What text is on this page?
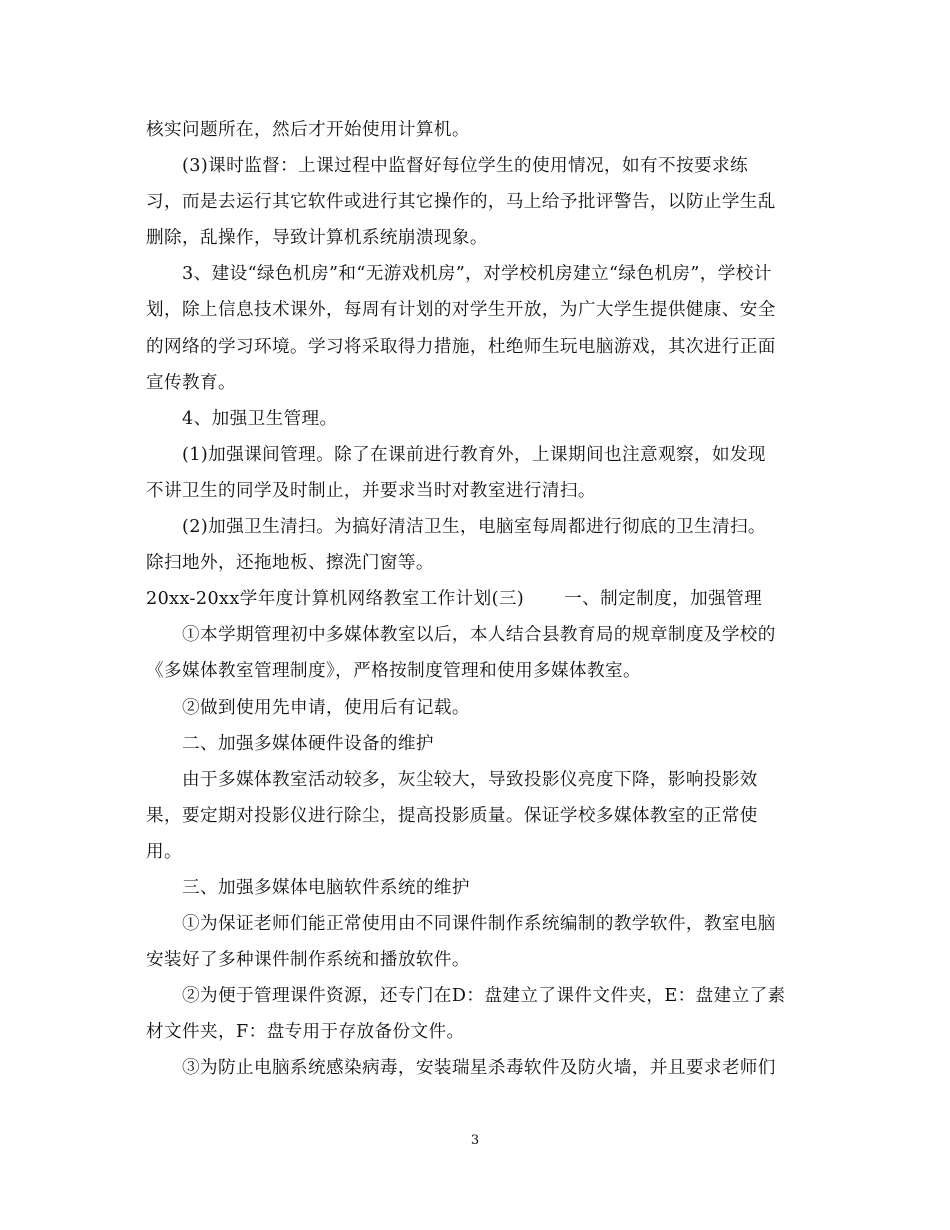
核实问题所在，然后才开始使用计算机。
(3)课时监督：上课过程中监督好每位学生的使用情况，如有不按要求练
习，而是去运行其它软件或进行其它操作的，马上给予批评警告，以防止学生乱
删除，乱操作，导致计算机系统崩溃现象。
3、建设“绿色机房”和“无游戏机房”，对学校机房建立“绿色机房”，学校计
划，除上信息技术课外，每周有计划的对学生开放，为广大学生提供健康、安全
的网络的学习环境。学习将采取得力措施，杜绝师生玩电脑游戏，其次进行正面
宣传教育。
4、加强卫生管理。
(1)加强课间管理。除了在课前进行教育外，上课期间也注意观察，如发现
不讲卫生的同学及时制止，并要求当时对教室进行清扫。
(2)加强卫生清扫。为搞好清洁卫生，电脑室每周都进行彻底的卫生清扫。
除扫地外，还拖地板、擦洗门窗等。
20xx-20xx学年度计算机网络教室工作计划(三) 一、制定制度，加强管理
①本学期管理初中多媒体教室以后，本人结合县教育局的规章制度及学校的
《多媒体教室管理制度》，严格按制度管理和使用多媒体教室。
②做到使用先申请，使用后有记载。
二、加强多媒体硬件设备的维护
由于多媒体教室活动较多，灰尘较大，导致投影仪亮度下降，影响投影效
果，要定期对投影仪进行除尘，提高投影质量。保证学校多媒体教室的正常使
用。
三、加强多媒体电脑软件系统的维护
①为保证老师们能正常使用由不同课件制作系统编制的教学软件，教室电脑
安装好了多种课件制作系统和播放软件。
②为便于管理课件资源，还专门在D：盘建立了课件文件夹，E：盘建立了素
材文件夹，F：盘专用于存放备份文件。
③为防止电脑系统感染病毒，安装瑞星杀毒软件及防火墙，并且要求老师们
3
